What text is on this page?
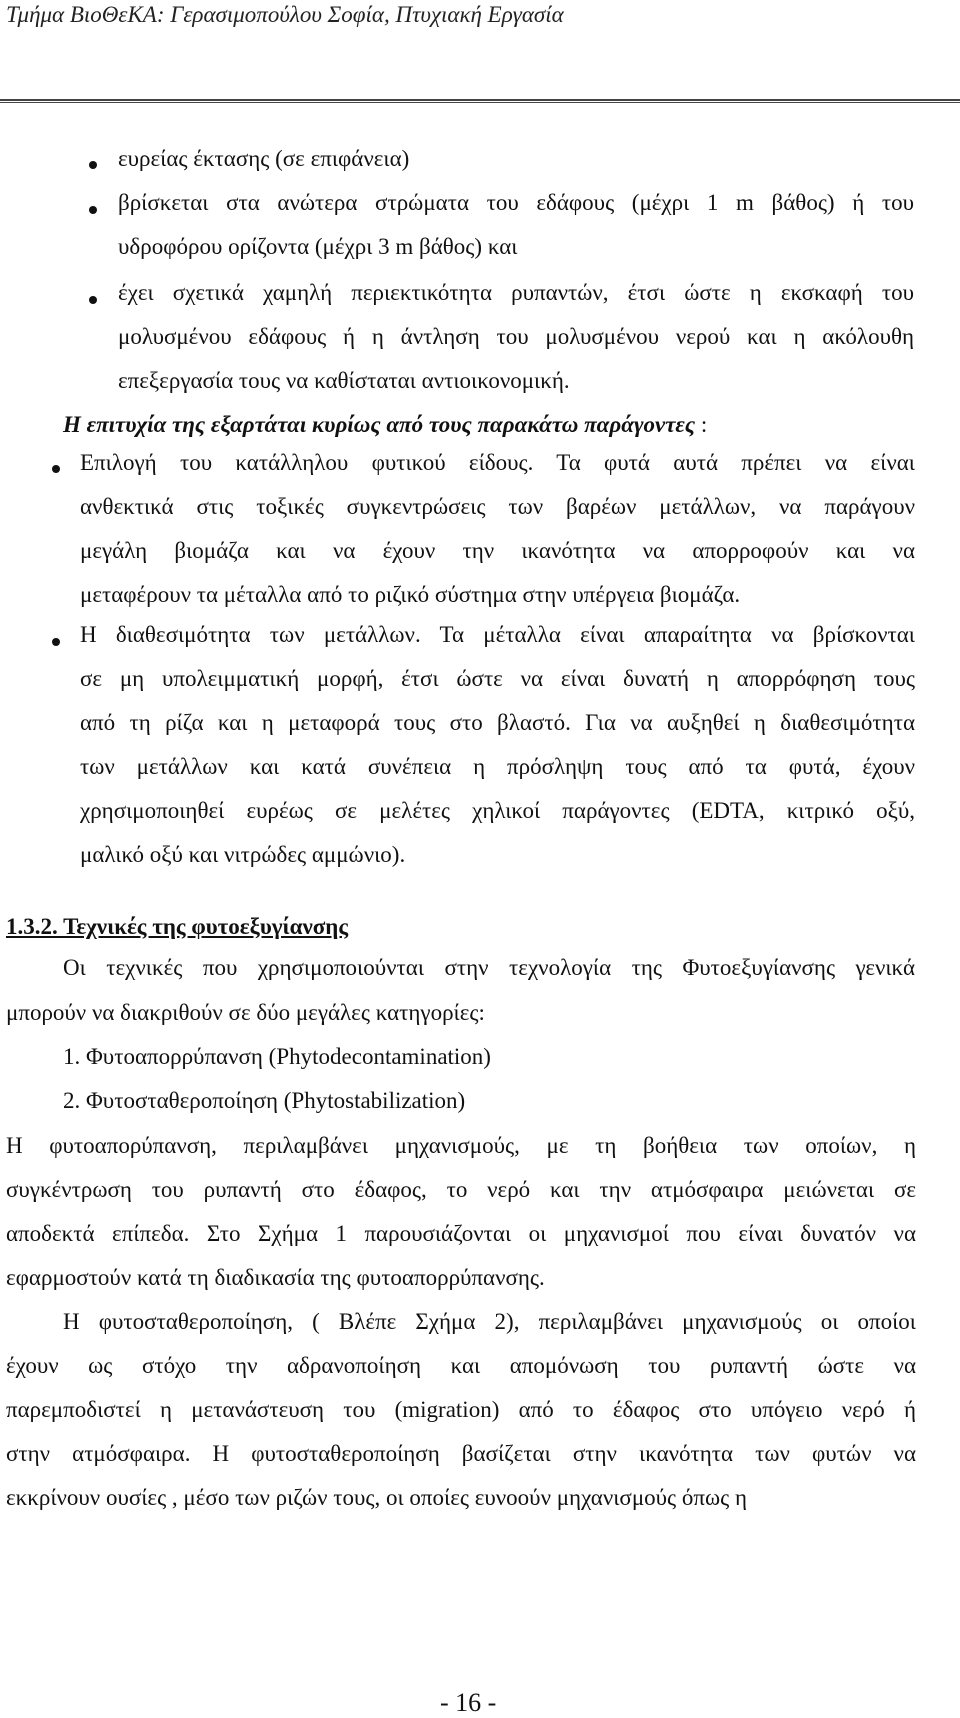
Τμήμα ΒιοΘεΚΑ: Γερασιμοπούλου Σοφία, Πτυχιακή Εργασία
ευρείας έκτασης (σε επιφάνεια)
βρίσκεται στα ανώτερα στρώματα του εδάφους (μέχρι 1 m βάθος) ή του
υδροφόρου ορίζοντα (μέχρι 3 m βάθος) και
έχει σχετικά χαμηλή περιεκτικότητα ρυπαντών, έτσι ώστε η εκσκαφή του
μολυσμένου εδάφους ή η άντληση του μολυσμένου νερού και η ακόλουθη
επεξεργασία τους να καθίσταται αντιοικονομική.
Η επιτυχία της εξαρτάται κυρίως από τους παρακάτω παράγοντες :
Επιλογή του κατάλληλου φυτικού είδους. Τα φυτά αυτά πρέπει να είναι
ανθεκτικά στις τοξικές συγκεντρώσεις των βαρέων μετάλλων, να παράγουν
μεγάλη βιομάζα και να έχουν την ικανότητα να απορροφούν και να
μεταφέρουν τα μέταλλα από το ριζικό σύστημα στην υπέργεια βιομάζα.
Η διαθεσιμότητα των μετάλλων. Τα μέταλλα είναι απαραίτητα να βρίσκονται
σε μη υπολειμματική μορφή, έτσι ώστε να είναι δυνατή η απορρόφηση τους
από τη ρίζα και η μεταφορά τους στο βλαστό. Για να αυξηθεί η διαθεσιμότητα
των μετάλλων και κατά συνέπεια η πρόσληψη τους από τα φυτά, έχουν
χρησιμοποιηθεί ευρέως σε μελέτες χηλικοί παράγοντες (EDTA, κιτρικό οξύ,
μαλικό οξύ και νιτρώδες αμμώνιο).
1.3.2. Τεχνικές της φυτοεξυγίανσης
Οι τεχνικές που χρησιμοποιούνται στην τεχνολογία της Φυτοεξυγίανσης γενικά
μπορούν να διακριθούν σε δύο μεγάλες κατηγορίες:
1. Φυτοαπορρύπανση (Phytodecontamination)
2. Φυτοσταθεροποίηση (Phytostabilization)
Η φυτοαπορύπανση, περιλαμβάνει μηχανισμούς, με τη βοήθεια των οποίων, η
συγκέντρωση του ρυπαντή στο έδαφος, το νερό και την ατμόσφαιρα μειώνεται σε
αποδεκτά επίπεδα. Στο Σχήμα 1 παρουσιάζονται οι μηχανισμοί που είναι δυνατόν να
εφαρμοστούν κατά τη διαδικασία της φυτοαπορρύπανσης.
Η φυτοσταθεροποίηση, ( Βλέπε Σχήμα 2), περιλαμβάνει μηχανισμούς οι οποίοι
έχουν ως στόχο την αδρανοποίηση και απομόνωση του ρυπαντή ώστε να
παρεμποδιστεί η μετανάστευση του (migration) από το έδαφος στο υπόγειο νερό ή
στην ατμόσφαιρα. Η φυτοσταθεροποίηση βασίζεται στην ικανότητα των φυτών να
εκκρίνουν ουσίες , μέσο των ριζών τους, οι οποίες ευνοούν μηχανισμούς όπως η
- 16 -
